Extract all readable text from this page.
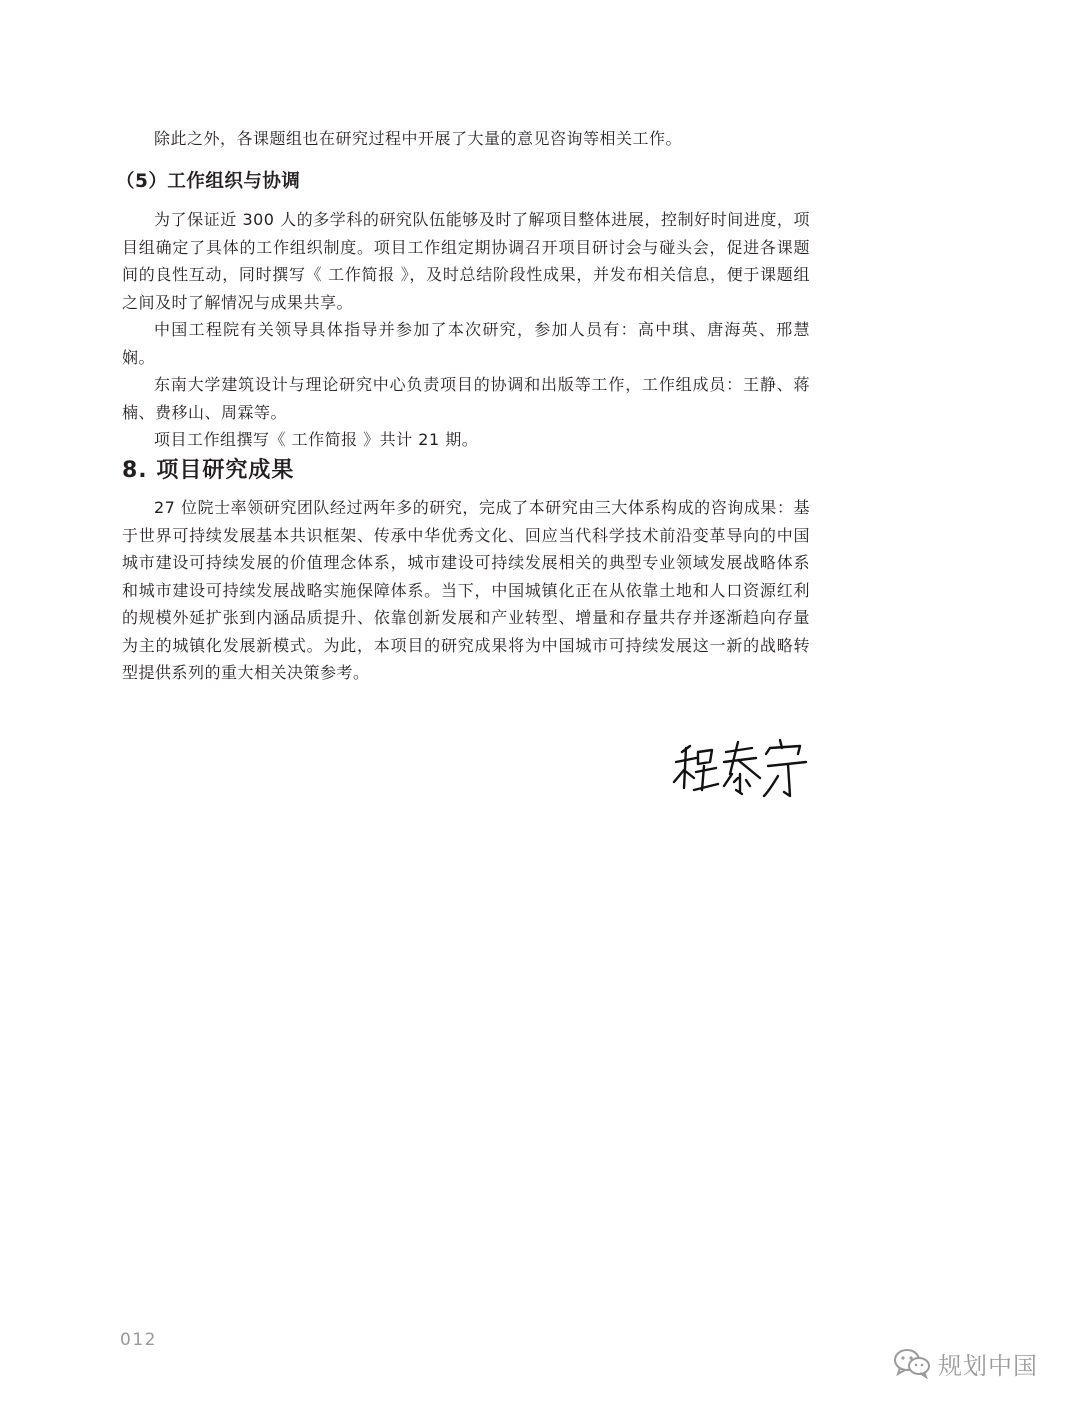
除此之外，各课题组也在研究过程中开展了大量的意见咨询等相关工作。

（5）工作组织与协调

为了保证近 300 人的多学科的研究队伍能够及时了解项目整体进展，控制好时间进度，项目组确定了具体的工作组织制度。项目工作组定期协调召开项目研讨会与碰头会，促进各课题间的良性互动，同时撰写《 工作简报 》，及时总结阶段性成果，并发布相关信息，便于课题组之间及时了解情况与成果共享。

中国工程院有关领导具体指导并参加了本次研究，参加人员有：高中琪、唐海英、邢慧娴。

东南大学建筑设计与理论研究中心负责项目的协调和出版等工作，工作组成员：王静、蒋楠、费移山、周霖等。

项目工作组撰写《 工作简报 》共计 21 期。

8. 项目研究成果

27 位院士率领研究团队经过两年多的研究，完成了本研究由三大体系构成的咨询成果：基于世界可持续发展基本共识框架、传承中华优秀文化、回应当代科学技术前沿变革导向的中国城市建设可持续发展的价值理念体系，城市建设可持续发展相关的典型专业领域发展战略体系和城市建设可持续发展战略实施保障体系。当下，中国城镇化正在从依靠土地和人口资源红利的规模外延扩张到内涵品质提升、依靠创新发展和产业转型、增量和存量共存并逐渐趋向存量为主的城镇化发展新模式。为此，本项目的研究成果将为中国城市可持续发展这一新的战略转型提供系列的重大相关决策参考。

012
规划中国
